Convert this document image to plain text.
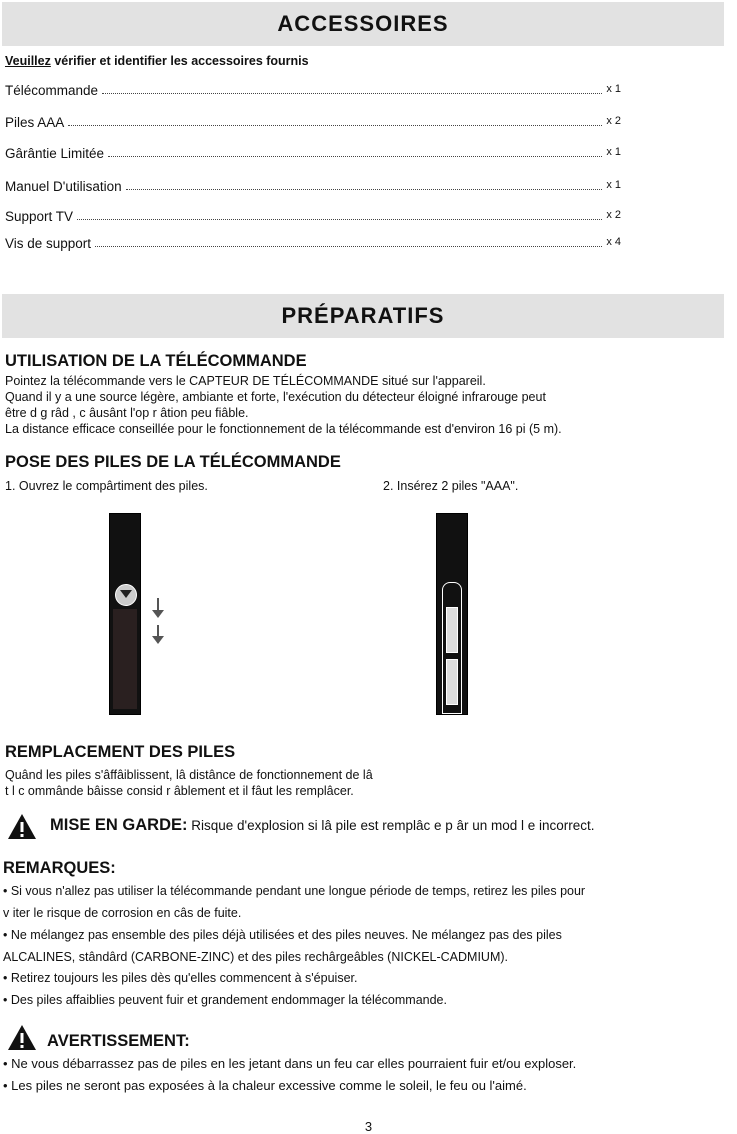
ACCESSOIRES
Veuillez vérifier et identifier les accessoires fournis
Télécommande	x 1
Piles AAA	x 2
Gârântie Limitée	x 1
Manuel D'utilisation	x 1
Support TV	x 2
Vis de support	x 4
PRÉPARATIFS
UTILISATION DE LA TÉLÉCOMMANDE
Pointez la télécommande vers le CAPTEUR DE TÉLÉCOMMANDE situé sur l'appareil.
Quand il y a une source légère, ambiante et forte, l'exécution du détecteur éloigné infrarouge peut
être d g râd , c âusânt l'op r âtion peu fiâble.
La distance efficace conseillée pour le fonctionnement de la télécommande est d'environ 16 pi (5 m).
POSE DES PILES DE LA TÉLÉCOMMANDE
1. Ouvrez le compârtiment des piles.	2. Insérez 2 piles "AAA".
REMPLACEMENT DES PILES
Quând les piles s'âffâiblissent, lâ distânce de fonctionnement de lâ
t l c ommânde bâisse consid r âblement et il fâut les remplâcer.
MISE EN GARDE: Risque d'explosion si lâ pile est remplâc e p âr un mod l e incorrect.
REMARQUES:
• Si vous n'allez pas utiliser la télécommande pendant une longue période de temps, retirez les piles pour
v iter le risque de corrosion en câs de fuite.
• Ne mélangez pas ensemble des piles déjà utilisées et des piles neuves. Ne mélangez pas des piles
ALCALINES, stândârd (CARBONE-ZINC) et des piles rechârgeâbles (NICKEL-CADMIUM).
• Retirez toujours les piles dès qu'elles commencent à s'épuiser.
• Des piles affaiblies peuvent fuir et grandement endommager la télécommande.
AVERTISSEMENT:
• Ne vous débarrassez pas de piles en les jetant dans un feu car elles pourraient fuir et/ou exploser.
• Les piles ne seront pas exposées à la chaleur excessive comme le soleil, le feu ou l'aimé.
3
